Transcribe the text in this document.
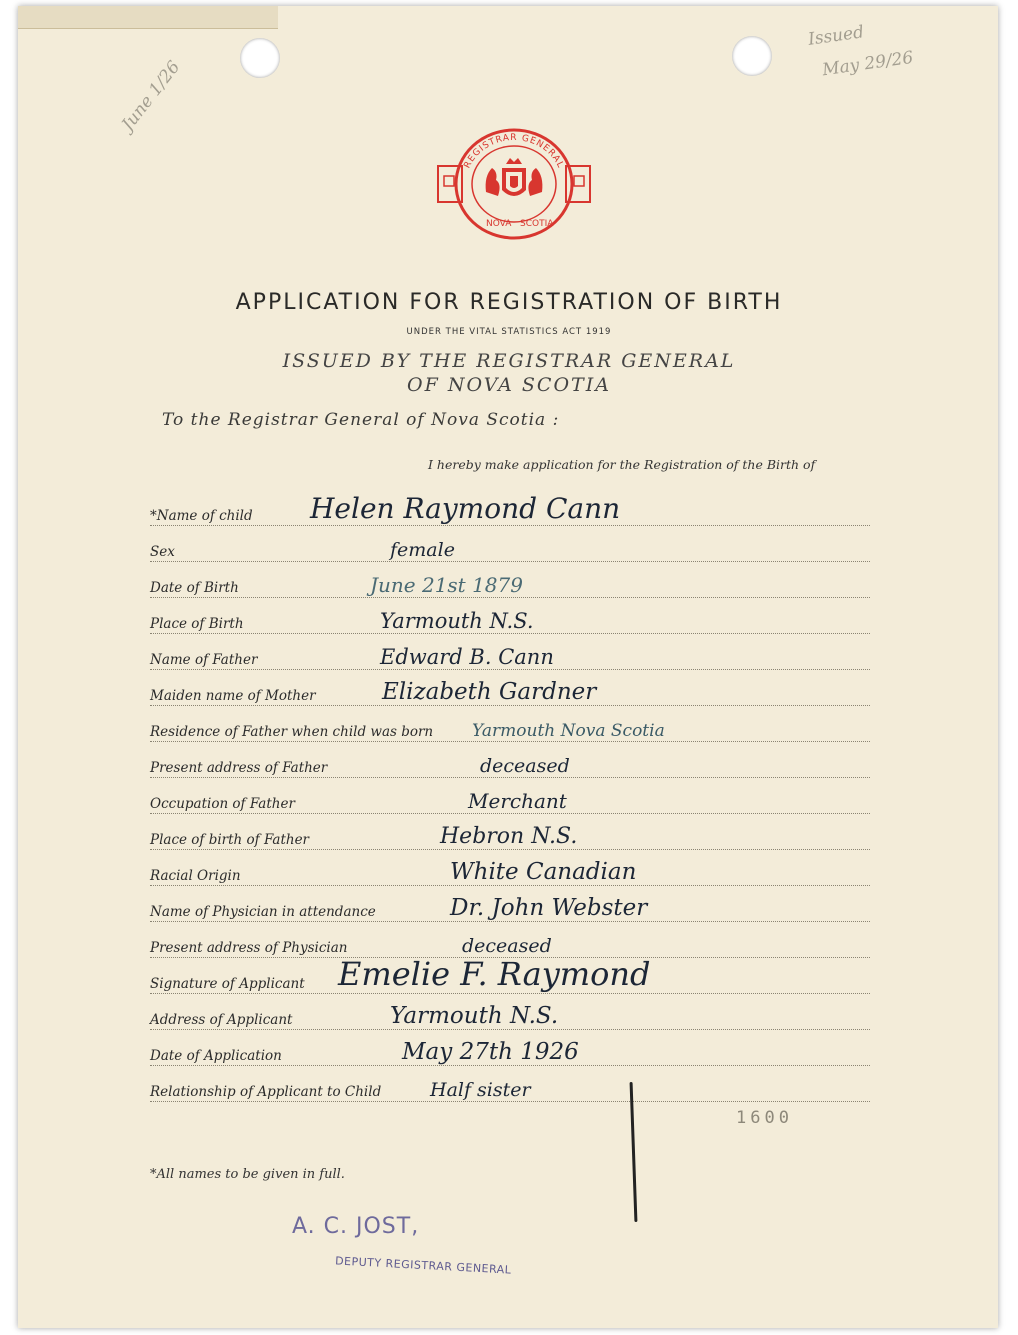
June 1/26
Issued
May 29/26
REGISTRAR GENERAL
NOVA SCOTIA
APPLICATION FOR REGISTRATION OF BIRTH
UNDER THE VITAL STATISTICS ACT 1919
ISSUED BY THE REGISTRAR GENERAL
OF NOVA SCOTIA
To the Registrar General of Nova Scotia :
I hereby make application for the Registration of the Birth of
*Name of child Helen Raymond Cann
Sex	female
Date of Birth	June 21st 1879
Place of Birth	Yarmouth N.S.
Name of Father	Edward B. Cann
Maiden name of Mother	Elizabeth Gardner
Residence of Father when child was born Yarmouth Nova Scotia
Present address of Father	deceased
Occupation of Father	Merchant
Place of birth of Father	Hebron N.S.
Racial Origin	White Canadian
Name of Physician in attendance	Dr. John Webster
Present address of Physician	deceased
Signature of Applicant Emelie F. Raymond
Address of Applicant	Yarmouth N.S.
Date of Application	May 27th 1926
Relationship of Applicant to Child	Half sister
1600
*All names to be given in full.
A. C. JOST,
DEPUTY REGISTRAR GENERAL
